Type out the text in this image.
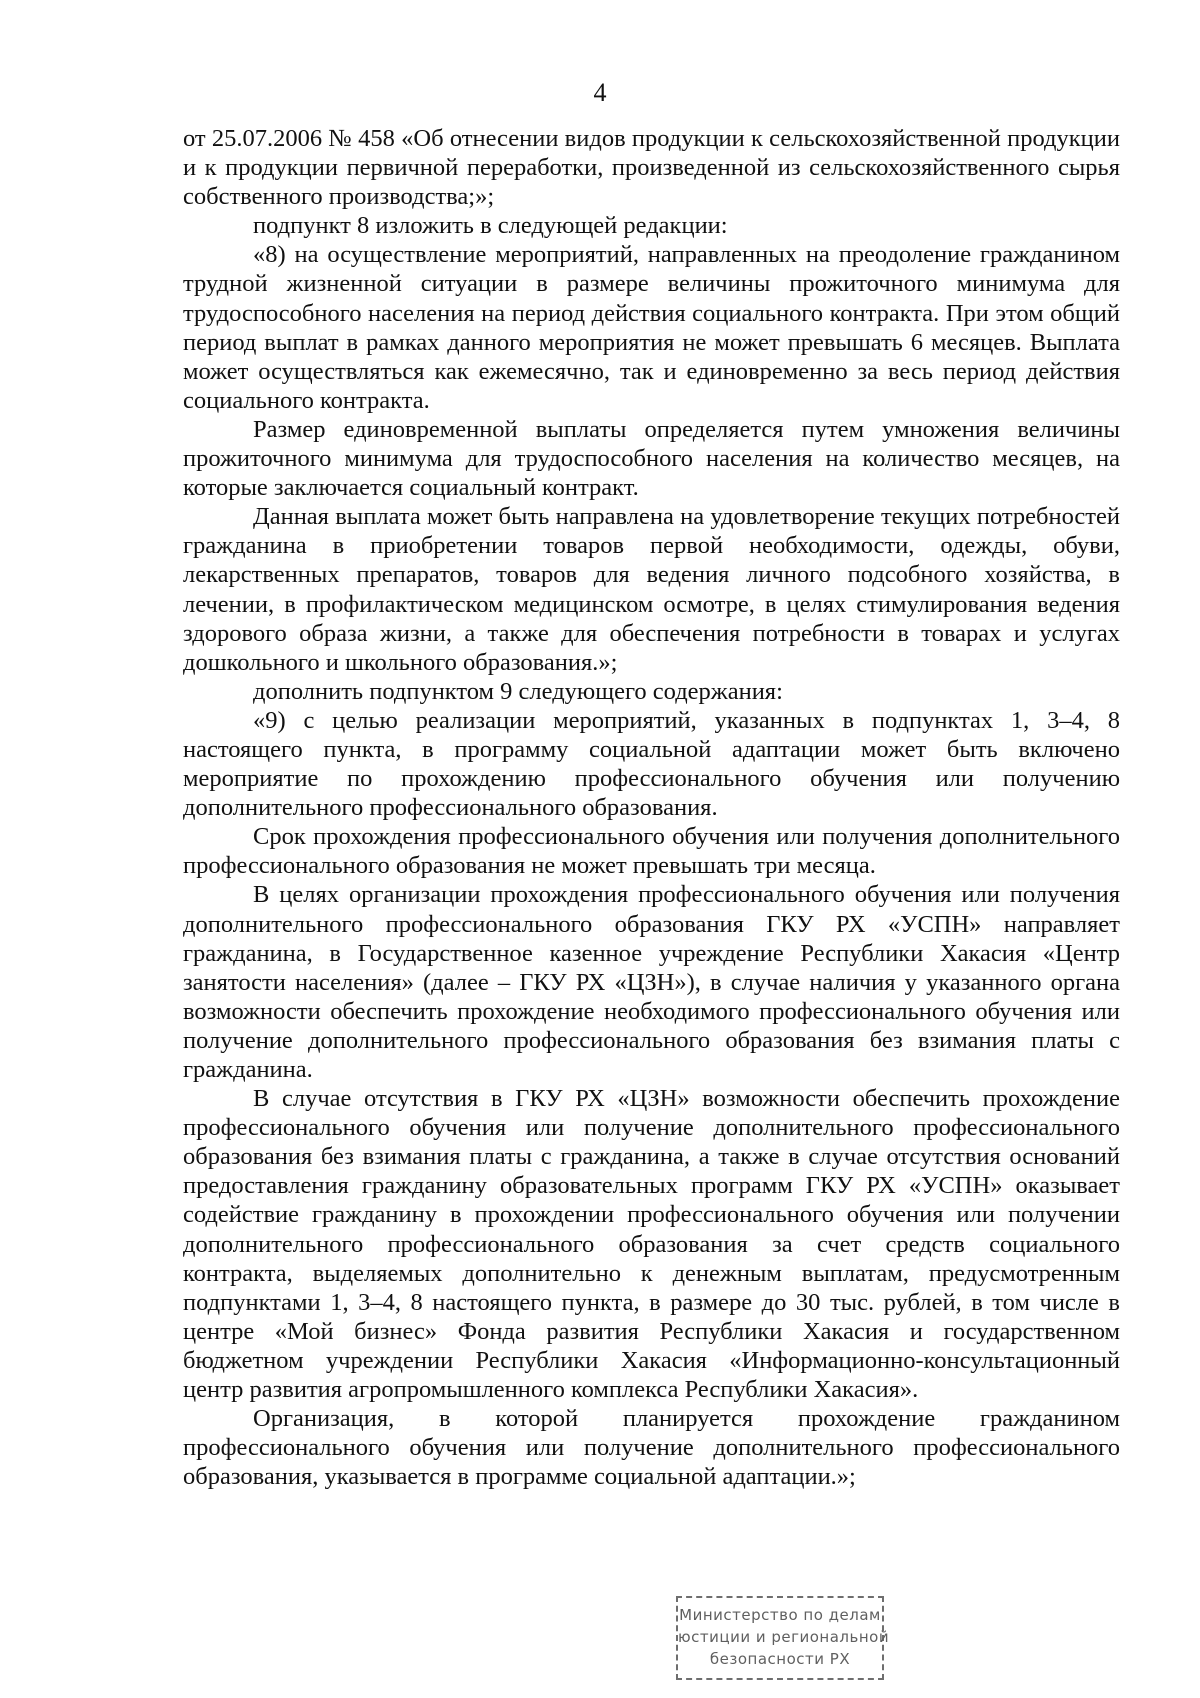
4

от 25.07.2006 № 458 «Об отнесении видов продукции к сельскохозяйственной продукции и к продукции первичной переработки, произведенной из сельскохозяйственного сырья собственного производства;»;

подпункт 8 изложить в следующей редакции:

«8) на осуществление мероприятий, направленных на преодоление гражданином трудной жизненной ситуации в размере величины прожиточного минимума для трудоспособного населения на период действия социального контракта. При этом общий период выплат в рамках данного мероприятия не может превышать 6 месяцев. Выплата может осуществляться как ежемесячно, так и единовременно за весь период действия социального контракта.

Размер единовременной выплаты определяется путем умножения величины прожиточного минимума для трудоспособного населения на количество месяцев, на которые заключается социальный контракт.

Данная выплата может быть направлена на удовлетворение текущих потребностей гражданина в приобретении товаров первой необходимости, одежды, обуви, лекарственных препаратов, товаров для ведения личного подсобного хозяйства, в лечении, в профилактическом медицинском осмотре, в целях стимулирования ведения здорового образа жизни, а также для обеспечения потребности в товарах и услугах дошкольного и школьного образования.»;

дополнить подпунктом 9 следующего содержания:

«9) с целью реализации мероприятий, указанных в подпунктах 1, 3–4, 8 настоящего пункта, в программу социальной адаптации может быть включено мероприятие по прохождению профессионального обучения или получению дополнительного профессионального образования.

Срок прохождения профессионального обучения или получения дополнительного профессионального образования не может превышать три месяца.

В целях организации прохождения профессионального обучения или получения дополнительного профессионального образования ГКУ РХ «УСПН» направляет гражданина, в Государственное казенное учреждение Республики Хакасия «Центр занятости населения» (далее – ГКУ РХ «ЦЗН»), в случае наличия у указанного органа возможности обеспечить прохождение необходимого профессионального обучения или получение дополнительного профессионального образования без взимания платы с гражданина.

В случае отсутствия в ГКУ РХ «ЦЗН» возможности обеспечить прохождение профессионального обучения или получение дополнительного профессионального образования без взимания платы с гражданина, а также в случае отсутствия оснований предоставления гражданину образовательных программ ГКУ РХ «УСПН» оказывает содействие гражданину в прохождении профессионального обучения или получении дополнительного профессионального образования за счет средств социального контракта, выделяемых дополнительно к денежным выплатам, предусмотренным подпунктами 1, 3–4, 8 настоящего пункта, в размере до 30 тыс. рублей, в том числе в центре «Мой бизнес» Фонда развития Республики Хакасия и государственном бюджетном учреждении Республики Хакасия «Информационно-консультационный центр развития агропромышленного комплекса Республики Хакасия».

Организация, в которой планируется прохождение гражданином профессионального обучения или получение дополнительного профессионального образования, указывается в программе социальной адаптации.»;

Министерство по делам
юстиции и региональной
безопасности РХ
